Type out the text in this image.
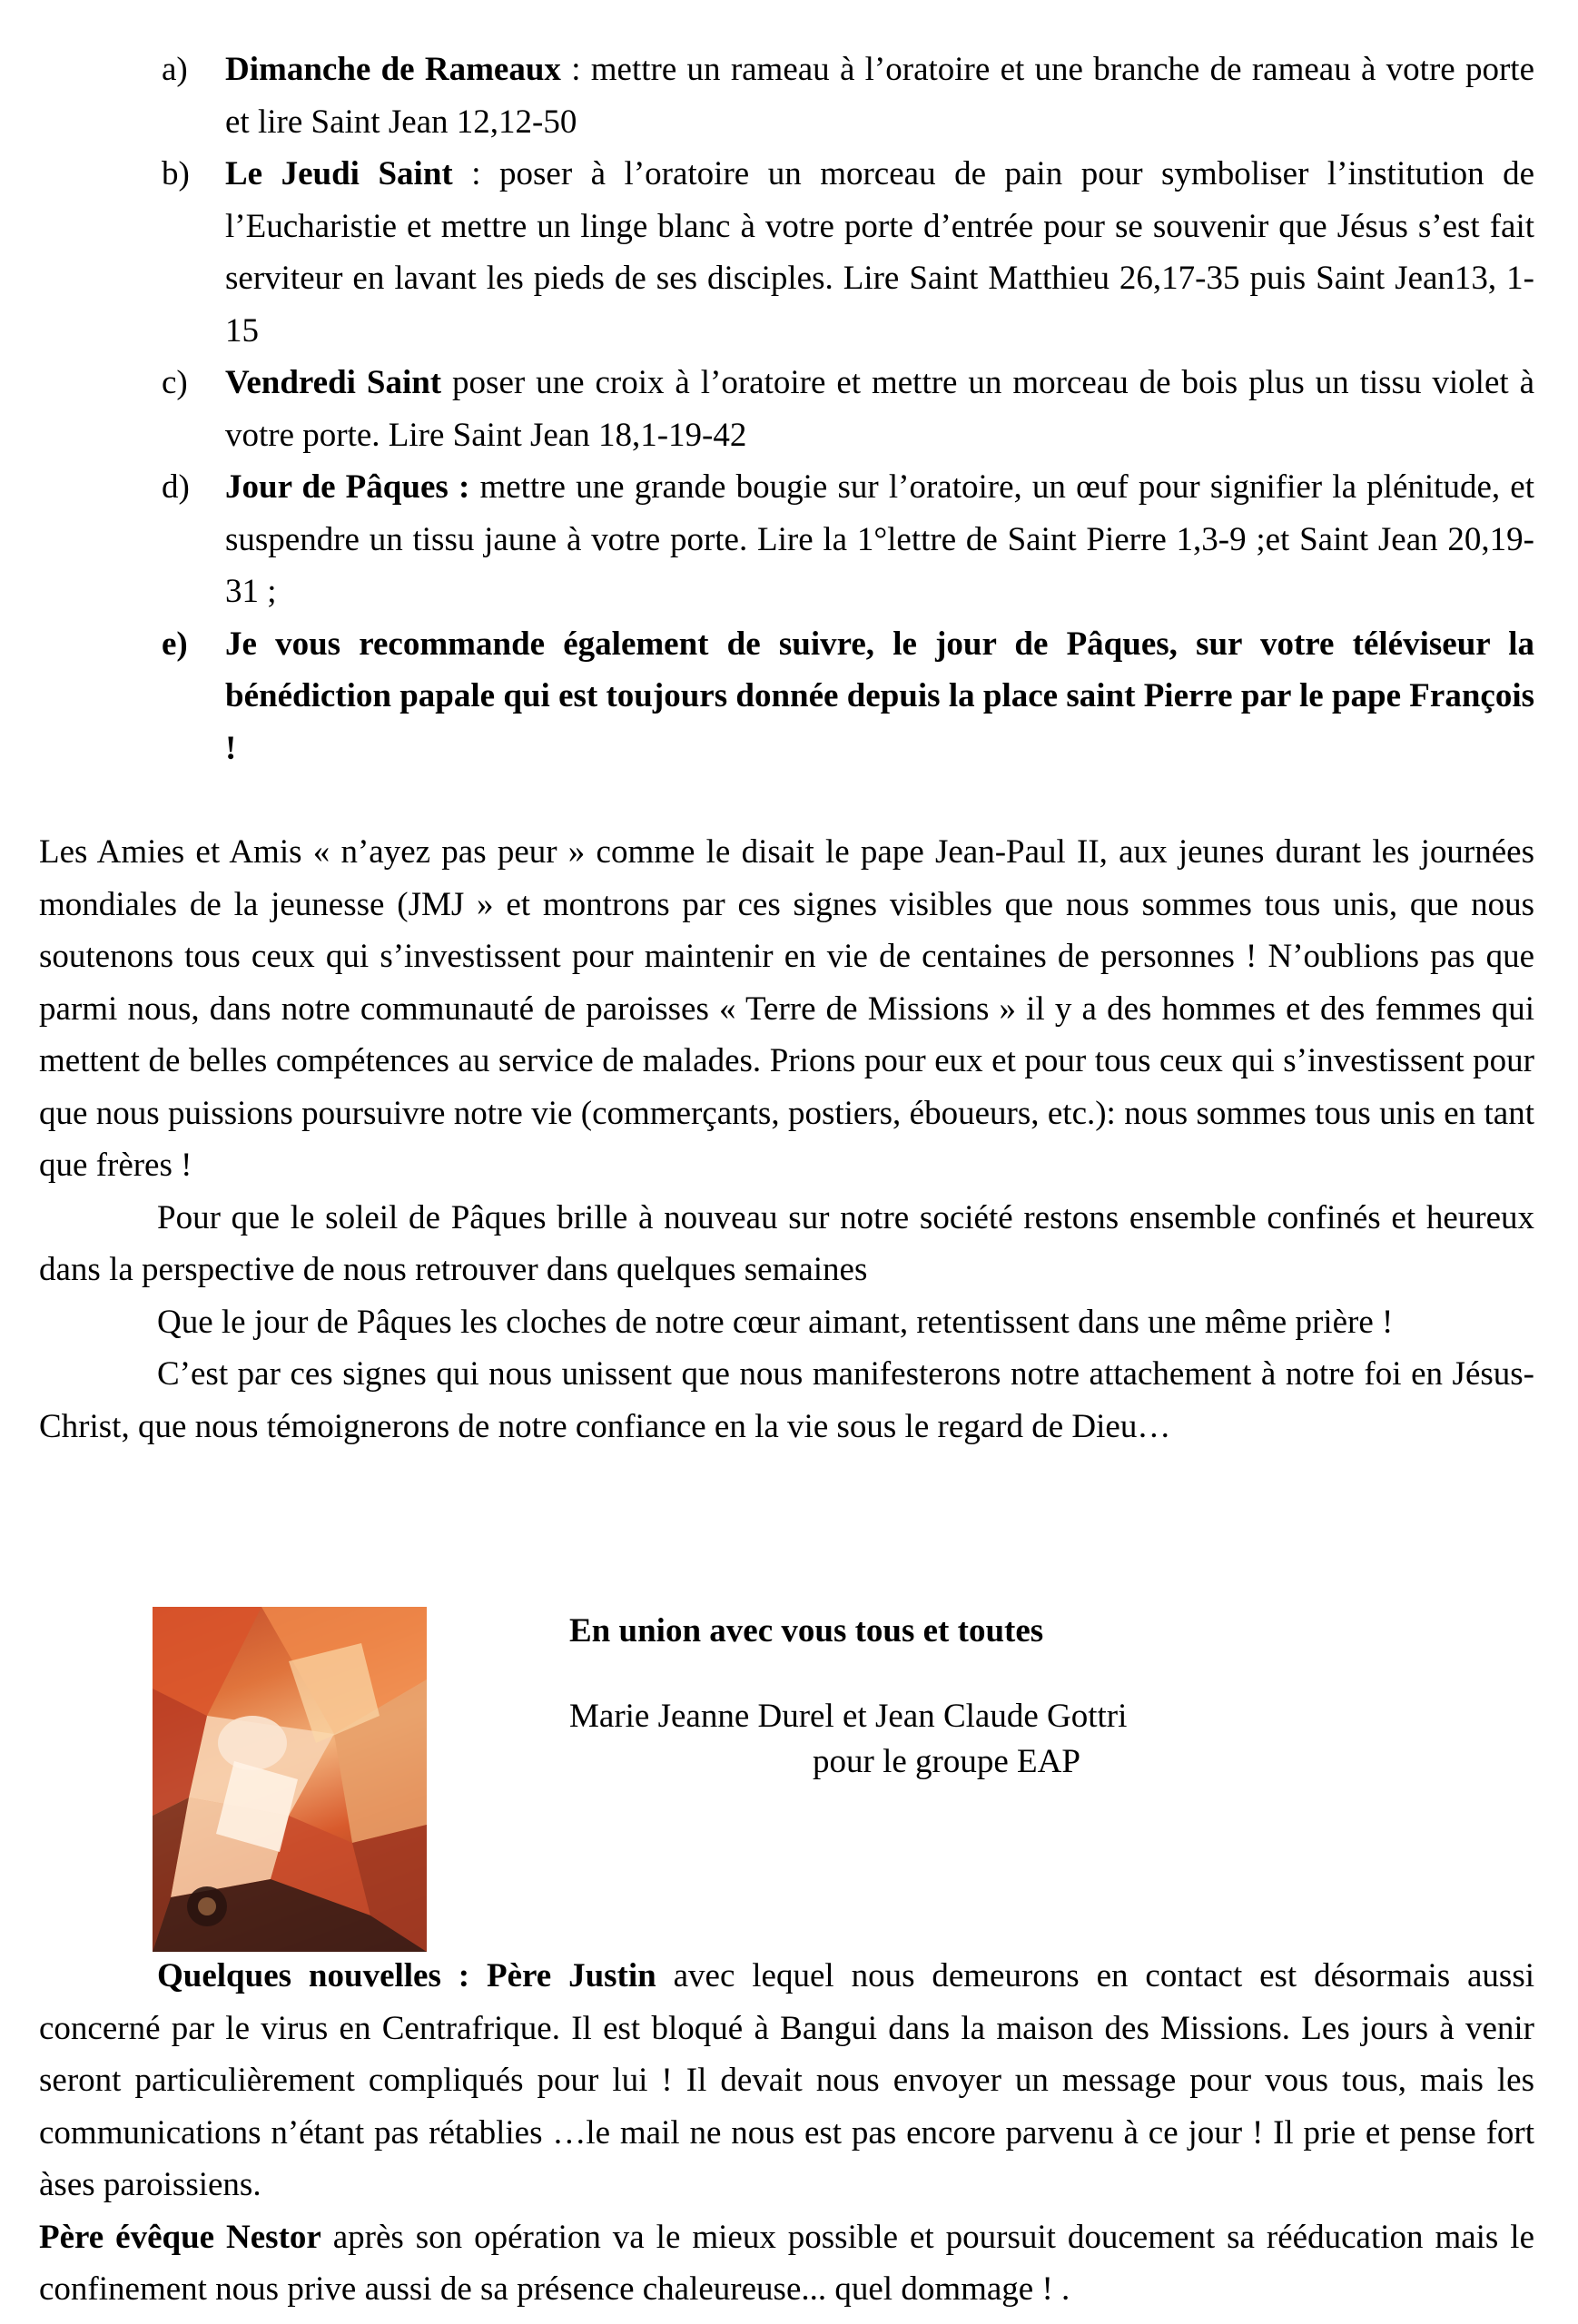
a) Dimanche de Rameaux : mettre un rameau à l’oratoire et une branche de rameau à votre porte et lire Saint Jean 12,12-50
b) Le Jeudi Saint : poser à l’oratoire un morceau de pain pour symboliser l’institution de l’Eucharistie et mettre un linge blanc à votre porte d’entrée pour se souvenir que Jésus s’est fait serviteur en lavant les pieds de ses disciples. Lire Saint Matthieu 26,17-35 puis Saint Jean13, 1-15
c) Vendredi Saint poser une croix à l’oratoire et mettre un morceau de bois plus un tissu violet à votre porte. Lire Saint Jean 18,1-19-42
d) Jour de Pâques : mettre une grande bougie sur l’oratoire, un œuf pour signifier la plénitude, et suspendre un tissu jaune à votre porte. Lire la 1°lettre de Saint Pierre 1,3-9 ;et Saint Jean 20,19-31 ;
e) Je vous recommande également de suivre, le jour de Pâques, sur votre téléviseur la bénédiction papale qui est toujours donnée depuis la place saint Pierre par le pape François !

Les Amies et Amis « n’ayez pas peur » comme le disait le pape Jean-Paul II, aux jeunes durant les journées mondiales de la jeunesse (JMJ » et montrons par ces signes visibles que nous sommes tous unis, que nous soutenons tous ceux qui s’investissent pour maintenir en vie de centaines de personnes ! N’oublions pas que parmi nous, dans notre communauté de paroisses « Terre de Missions » il y a des hommes et des femmes qui mettent de belles compétences au service de malades. Prions pour eux et pour tous ceux qui s’investissent pour que nous puissions poursuivre notre vie (commerçants, postiers, éboueurs, etc.): nous sommes tous unis en tant que frères !

Pour que le soleil de Pâques brille à nouveau sur notre société restons ensemble confinés et heureux dans la perspective de nous retrouver dans quelques semaines

Que le jour de Pâques les cloches de notre cœur aimant, retentissent dans une même prière !

C’est par ces signes qui nous unissent que nous manifesterons notre attachement à notre foi en Jésus-Christ, que nous témoignerons de notre confiance en la vie sous le regard de Dieu…

En union avec vous tous et toutes

Marie Jeanne Durel et Jean Claude Gottri

pour le groupe EAP

Quelques nouvelles : Père Justin avec lequel nous demeurons en contact est désormais aussi concerné par le virus en Centrafrique. Il est bloqué à Bangui dans la maison des Missions. Les jours à venir seront particulièrement compliqués pour lui ! Il devait nous envoyer un message pour vous tous, mais les communications n’étant pas rétablies …le mail ne nous est pas encore parvenu à ce jour ! Il prie et pense fort àses paroissiens.

Père évêque Nestor après son opération va le mieux possible et poursuit doucement sa rééducation mais le confinement nous prive aussi de sa présence chaleureuse... quel dommage ! .
